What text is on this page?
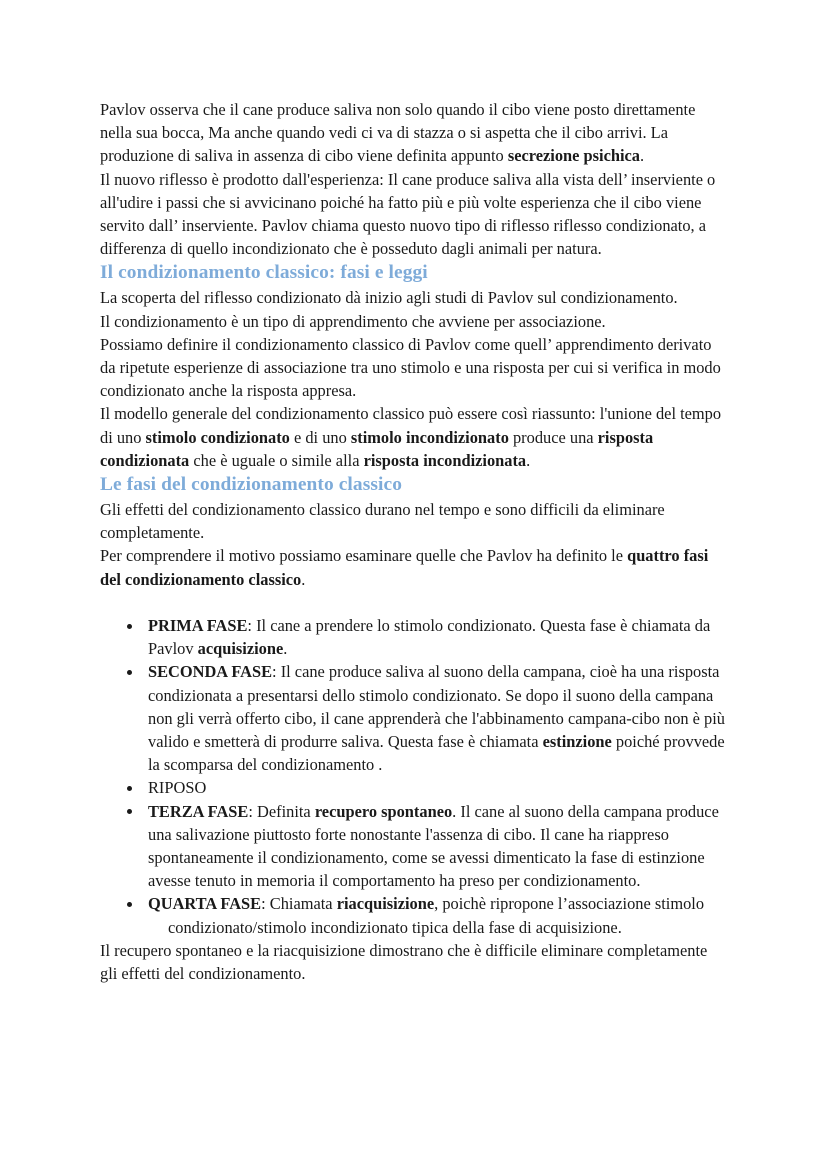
Pavlov osserva che il cane produce saliva non solo quando il cibo viene posto direttamente nella sua bocca, Ma anche quando vedi ci va di stazza o si aspetta che il cibo arrivi. La produzione di saliva in assenza di cibo viene definita appunto secrezione psichica.

Il nuovo riflesso è prodotto dall'esperienza: Il cane produce saliva alla vista dell’ inserviente o all'udire i passi che si avvicinano poiché ha fatto più e più volte esperienza che il cibo viene servito dall’ inserviente. Pavlov chiama questo nuovo tipo di riflesso riflesso condizionato, a differenza di quello incondizionato che è posseduto dagli animali per natura.

Il condizionamento classico: fasi e leggi

La scoperta del riflesso condizionato dà inizio agli studi di Pavlov sul condizionamento.

Il condizionamento è un tipo di apprendimento che avviene per associazione.

Possiamo definire il condizionamento classico di Pavlov come quell’ apprendimento derivato da ripetute esperienze di associazione tra uno stimolo e una risposta per cui si verifica in modo condizionato anche la risposta appresa.

Il modello generale del condizionamento classico può essere così riassunto: l'unione del tempo di uno stimolo condizionato e di uno stimolo incondizionato produce una risposta condizionata che è uguale o simile alla risposta incondizionata.

Le fasi del condizionamento classico

Gli effetti del condizionamento classico durano nel tempo e sono difficili da eliminare completamente.

Per comprendere il motivo possiamo esaminare quelle che Pavlov ha definito le quattro fasi del condizionamento classico.

PRIMA FASE: Il cane a prendere lo stimolo condizionato. Questa fase è chiamata da Pavlov acquisizione.
SECONDA FASE: Il cane produce saliva al suono della campana, cioè ha una risposta condizionata a presentarsi dello stimolo condizionato. Se dopo il suono della campana non gli verrà offerto cibo, il cane apprenderà che l'abbinamento campana-cibo non è più valido e smetterà di produrre saliva. Questa fase è chiamata estinzione poiché provvede la scomparsa del condizionamento .
RIPOSO
TERZA FASE: Definita recupero spontaneo. Il cane al suono della campana produce una salivazione piuttosto forte nonostante l'assenza di cibo. Il cane ha riappreso spontaneamente il condizionamento, come se avessi dimenticato la fase di estinzione avesse tenuto in memoria il comportamento ha preso per condizionamento.
QUARTA FASE: Chiamata riacquisizione, poichè ripropone l’associazione stimolo condizionato/stimolo incondizionato tipica della fase di acquisizione.

Il recupero spontaneo e la riacquisizione dimostrano che è difficile eliminare completamente gli effetti del condizionamento.
